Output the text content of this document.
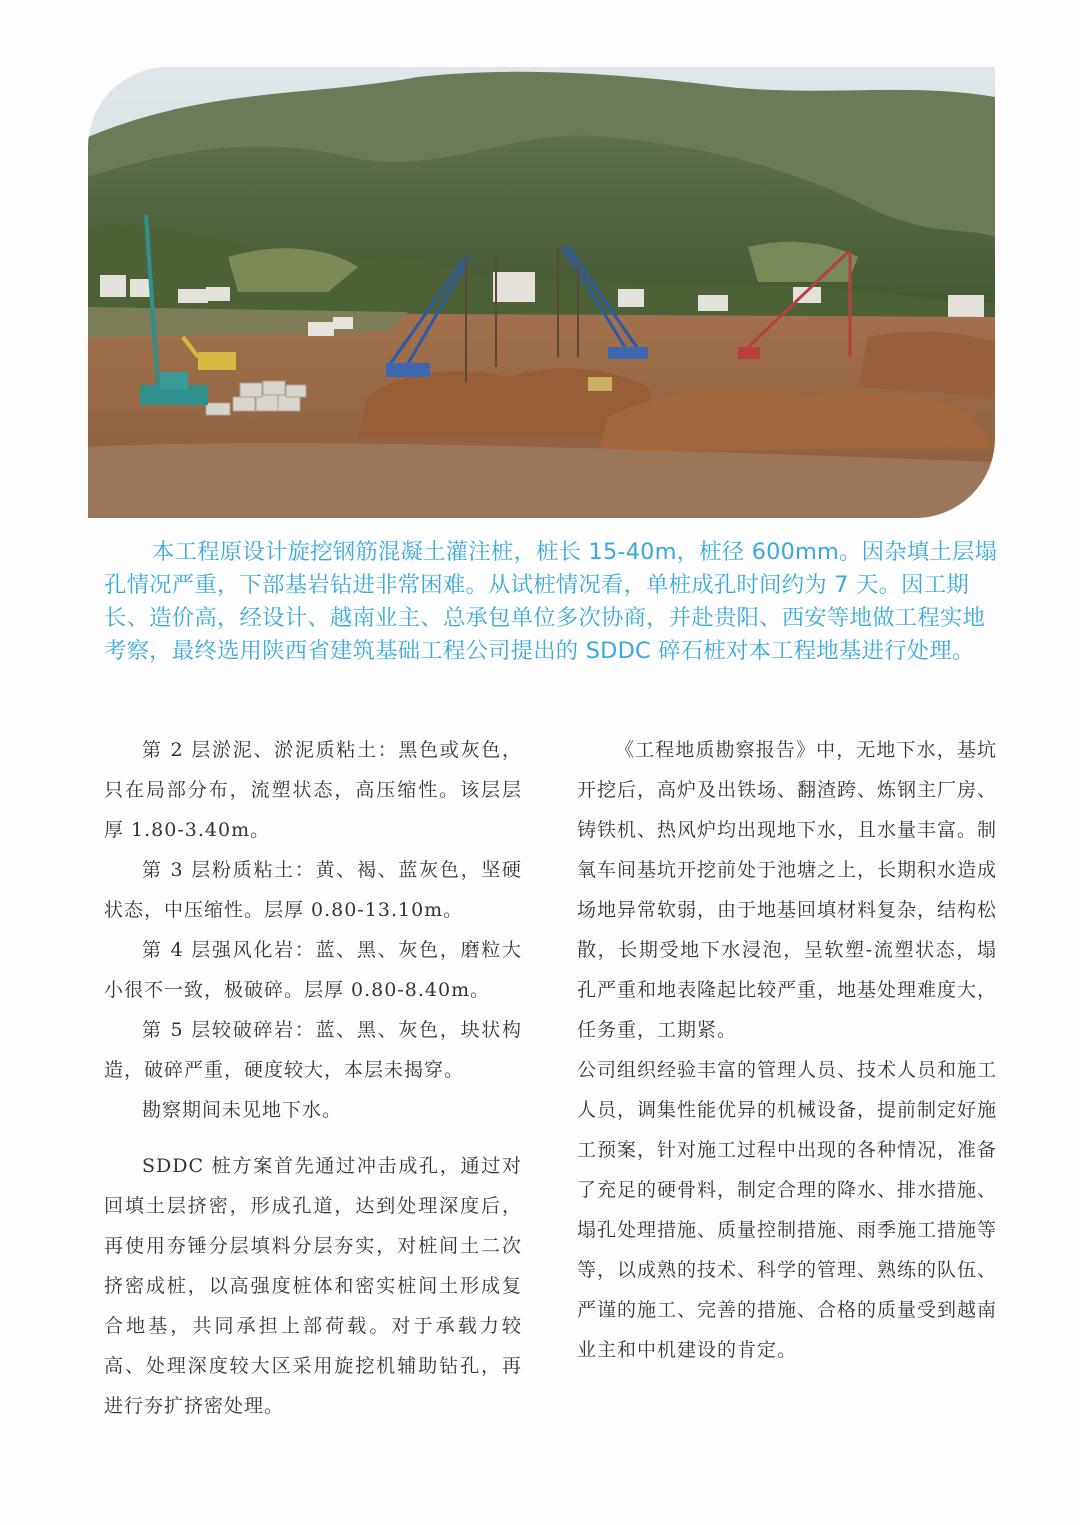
本工程原设计旋挖钢筋混凝土灌注桩，桩长 15-40m，桩径 600mm。因杂填土层塌孔情况严重，下部基岩钻进非常困难。从试桩情况看，单桩成孔时间约为 7 天。因工期长、造价高，经设计、越南业主、总承包单位多次协商，并赴贵阳、西安等地做工程实地考察，最终选用陕西省建筑基础工程公司提出的 SDDC 碎石桩对本工程地基进行处理。

第 2 层淤泥、淤泥质粘土：黑色或灰色，只在局部分布，流塑状态，高压缩性。该层层厚 1.80-3.40m。

第 3 层粉质粘土：黄、褐、蓝灰色，坚硬状态，中压缩性。层厚 0.80-13.10m。

第 4 层强风化岩：蓝、黑、灰色，磨粒大小很不一致，极破碎。层厚 0.80-8.40m。

第 5 层较破碎岩：蓝、黑、灰色，块状构造，破碎严重，硬度较大，本层未揭穿。

勘察期间未见地下水。

SDDC 桩方案首先通过冲击成孔，通过对回填土层挤密，形成孔道，达到处理深度后，再使用夯锤分层填料分层夯实，对桩间土二次挤密成桩，以高强度桩体和密实桩间土形成复合地基，共同承担上部荷载。对于承载力较高、处理深度较大区采用旋挖机辅助钻孔，再进行夯扩挤密处理。

《工程地质勘察报告》中，无地下水，基坑开挖后，高炉及出铁场、翻渣跨、炼钢主厂房、铸铁机、热风炉均出现地下水，且水量丰富。制氧车间基坑开挖前处于池塘之上，长期积水造成场地异常软弱，由于地基回填材料复杂，结构松散，长期受地下水浸泡，呈软塑-流塑状态，塌孔严重和地表隆起比较严重，地基处理难度大，任务重，工期紧。

公司组织经验丰富的管理人员、技术人员和施工人员，调集性能优异的机械设备，提前制定好施工预案，针对施工过程中出现的各种情况，准备了充足的硬骨料，制定合理的降水、排水措施、塌孔处理措施、质量控制措施、雨季施工措施等等，以成熟的技术、科学的管理、熟练的队伍、严谨的施工、完善的措施、合格的质量受到越南业主和中机建设的肯定。
